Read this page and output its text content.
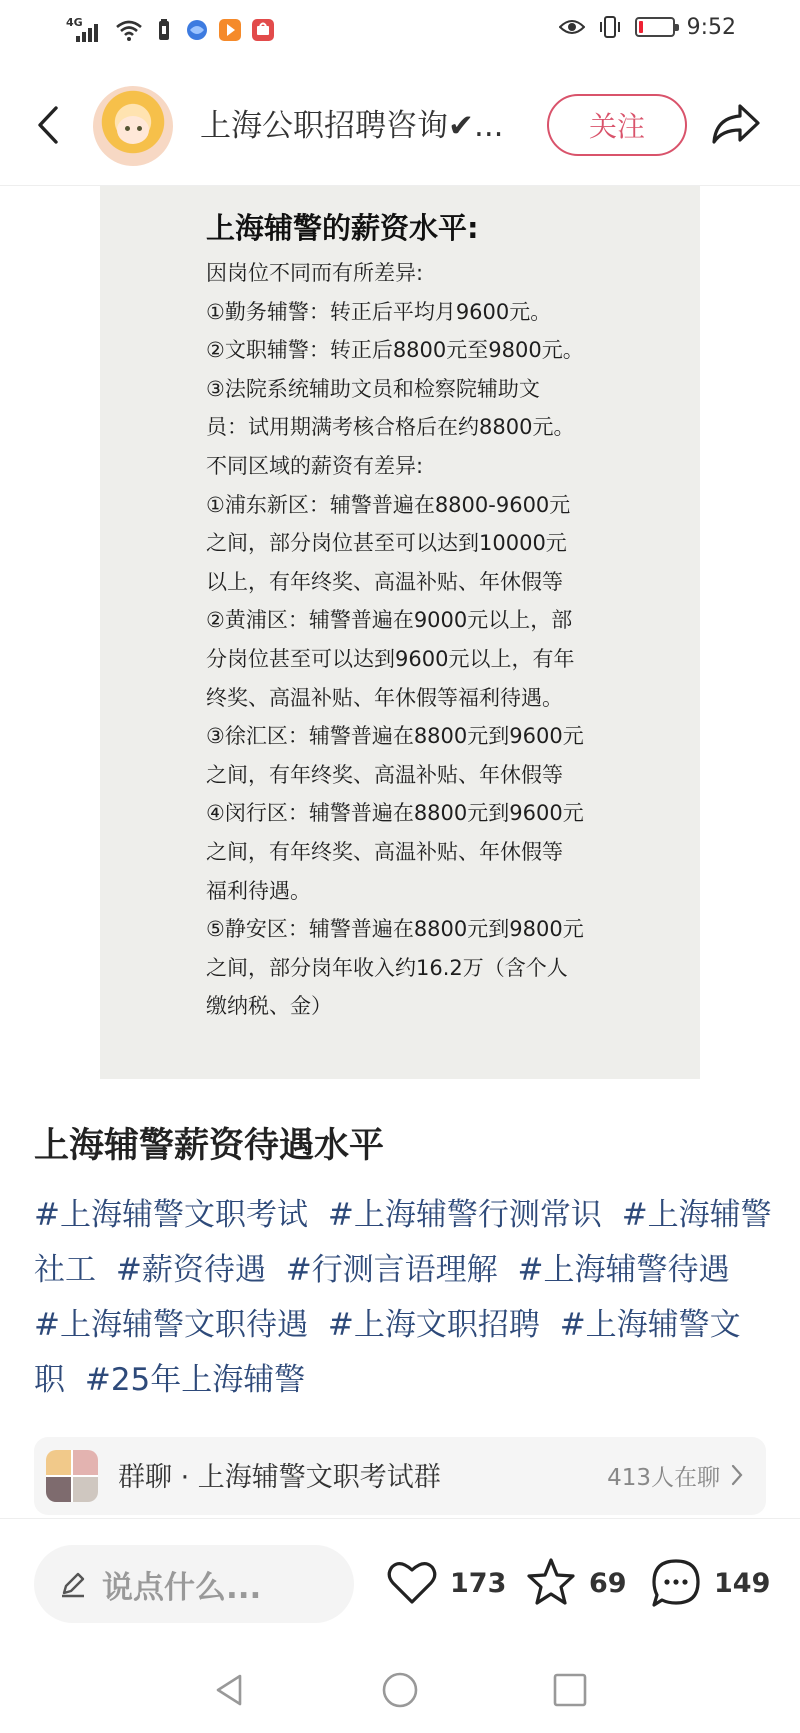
4G	9:52
上海公职招聘咨询✔...	关注
上海辅警的薪资水平:
因岗位不同而有所差异:
①勤务辅警：转正后平均月9600元。
②文职辅警：转正后8800元至9800元。
③法院系统辅助文员和检察院辅助文
员：试用期满考核合格后在约8800元。
不同区域的薪资有差异:
①浦东新区：辅警普遍在8800-9600元
之间，部分岗位甚至可以达到10000元
以上，有年终奖、高温补贴、年休假等
②黄浦区：辅警普遍在9000元以上，部
分岗位甚至可以达到9600元以上，有年
终奖、高温补贴、年休假等福利待遇。
③徐汇区：辅警普遍在8800元到9600元
之间，有年终奖、高温补贴、年休假等
④闵行区：辅警普遍在8800元到9600元
之间，有年终奖、高温补贴、年休假等
福利待遇。
⑤静安区：辅警普遍在8800元到9800元
之间，部分岗年收入约16.2万（含个人
缴纳税、金）
上海辅警薪资待遇水平
#上海辅警文职考试 #上海辅警行测常识 #上海辅警社工 #薪资待遇 #行测言语理解 #上海辅警待遇 #上海辅警文职待遇 #上海文职招聘 #上海辅警文职 #25年上海辅警
群聊 · 上海辅警文职考试群	413人在聊
说点什么...	173	69	149
